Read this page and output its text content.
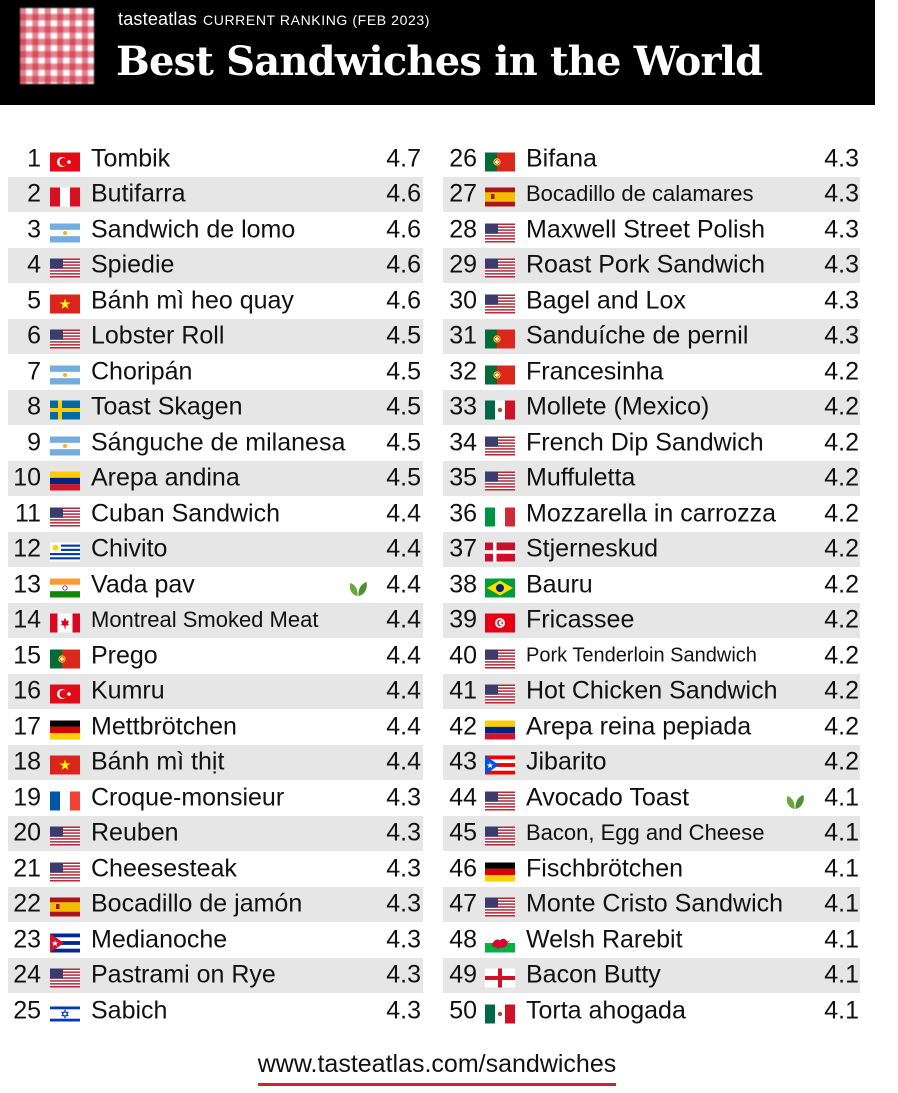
tasteatlas CURRENT RANKING (FEB 2023)
Best Sandwiches in the World
1 Tombik	4.7
2 Butifarra	4.6
3 Sandwich de lomo	4.6
4 Spiedie	4.6
5 Bánh mì heo quay	4.6
6 Lobster Roll	4.5
7 Choripán	4.5
8 Toast Skagen	4.5
9 Sánguche de milanesa 4.5
10 Arepa andina	4.5
11 Cuban Sandwich	4.4
12 Chivito	4.4
13 Vada pav	4.4
14 Montreal Smoked Meat	4.4
15 Prego	4.4
16 Kumru	4.4
17 Mettbrötchen	4.4
18 Bánh mì thịt	4.4
19 Croque-monsieur	4.3
20 Reuben	4.3
21 Cheesesteak	4.3
22 Bocadillo de jamón	4.3
23 Medianoche	4.3
24 Pastrami on Rye	4.3
25 Sabich	4.3
26 Bifana	4.3
27 Bocadillo de calamares	4.3
28 Maxwell Street Polish 4.3
29 Roast Pork Sandwich 4.3
30 Bagel and Lox	4.3
31 Sanduíche de pernil	4.3
32 Francesinha	4.2
33 Mollete (Mexico)	4.2
34 French Dip Sandwich 4.2
35 Muffuletta	4.2
36 Mozzarella in carrozza 4.2
37 Stjerneskud	4.2
38 Bauru	4.2
39 Fricassee	4.2
40 Pork Tenderloin Sandwich	4.2
41 Hot Chicken Sandwich 4.2
42 Arepa reina pepiada	4.2
43 Jibarito	4.2
44 Avocado Toast	4.1
45 Bacon, Egg and Cheese 4.1
46 Fischbrötchen	4.1
47 Monte Cristo Sandwich 4.1
48 Welsh Rarebit	4.1
49 Bacon Butty	4.1
50 Torta ahogada	4.1
www.tasteatlas.com/sandwiches
